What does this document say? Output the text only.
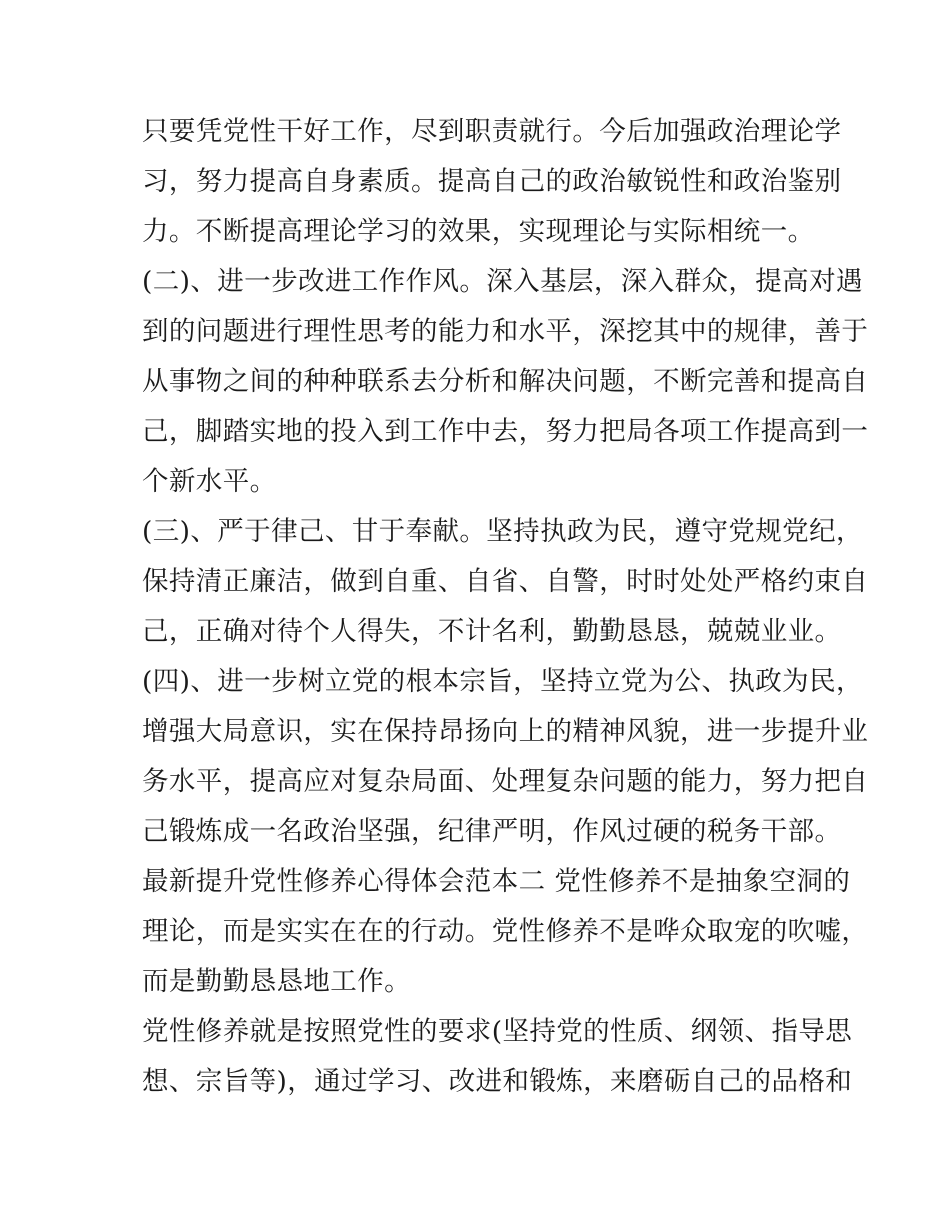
只要凭党性干好工作，尽到职责就行。今后加强政治理论学
习，努力提高自身素质。提高自己的政治敏锐性和政治鉴别
力。不断提高理论学习的效果，实现理论与实际相统一。
(二)、进一步改进工作作风。深入基层，深入群众，提高对遇
到的问题进行理性思考的能力和水平，深挖其中的规律，善于
从事物之间的种种联系去分析和解决问题，不断完善和提高自
己，脚踏实地的投入到工作中去，努力把局各项工作提高到一
个新水平。
(三)、严于律己、甘于奉献。坚持执政为民，遵守党规党纪，
保持清正廉洁，做到自重、自省、自警，时时处处严格约束自
己，正确对待个人得失，不计名利，勤勤恳恳，兢兢业业。
(四)、进一步树立党的根本宗旨，坚持立党为公、执政为民，
增强大局意识，实在保持昂扬向上的精神风貌，进一步提升业
务水平，提高应对复杂局面、处理复杂问题的能力，努力把自
己锻炼成一名政治坚强，纪律严明，作风过硬的税务干部。
最新提升党性修养心得体会范本二 党性修养不是抽象空洞的
理论，而是实实在在的行动。党性修养不是哗众取宠的吹嘘，
而是勤勤恳恳地工作。
党性修养就是按照党性的要求(坚持党的性质、纲领、指导思
想、宗旨等)，通过学习、改进和锻炼，来磨砺自己的品格和
